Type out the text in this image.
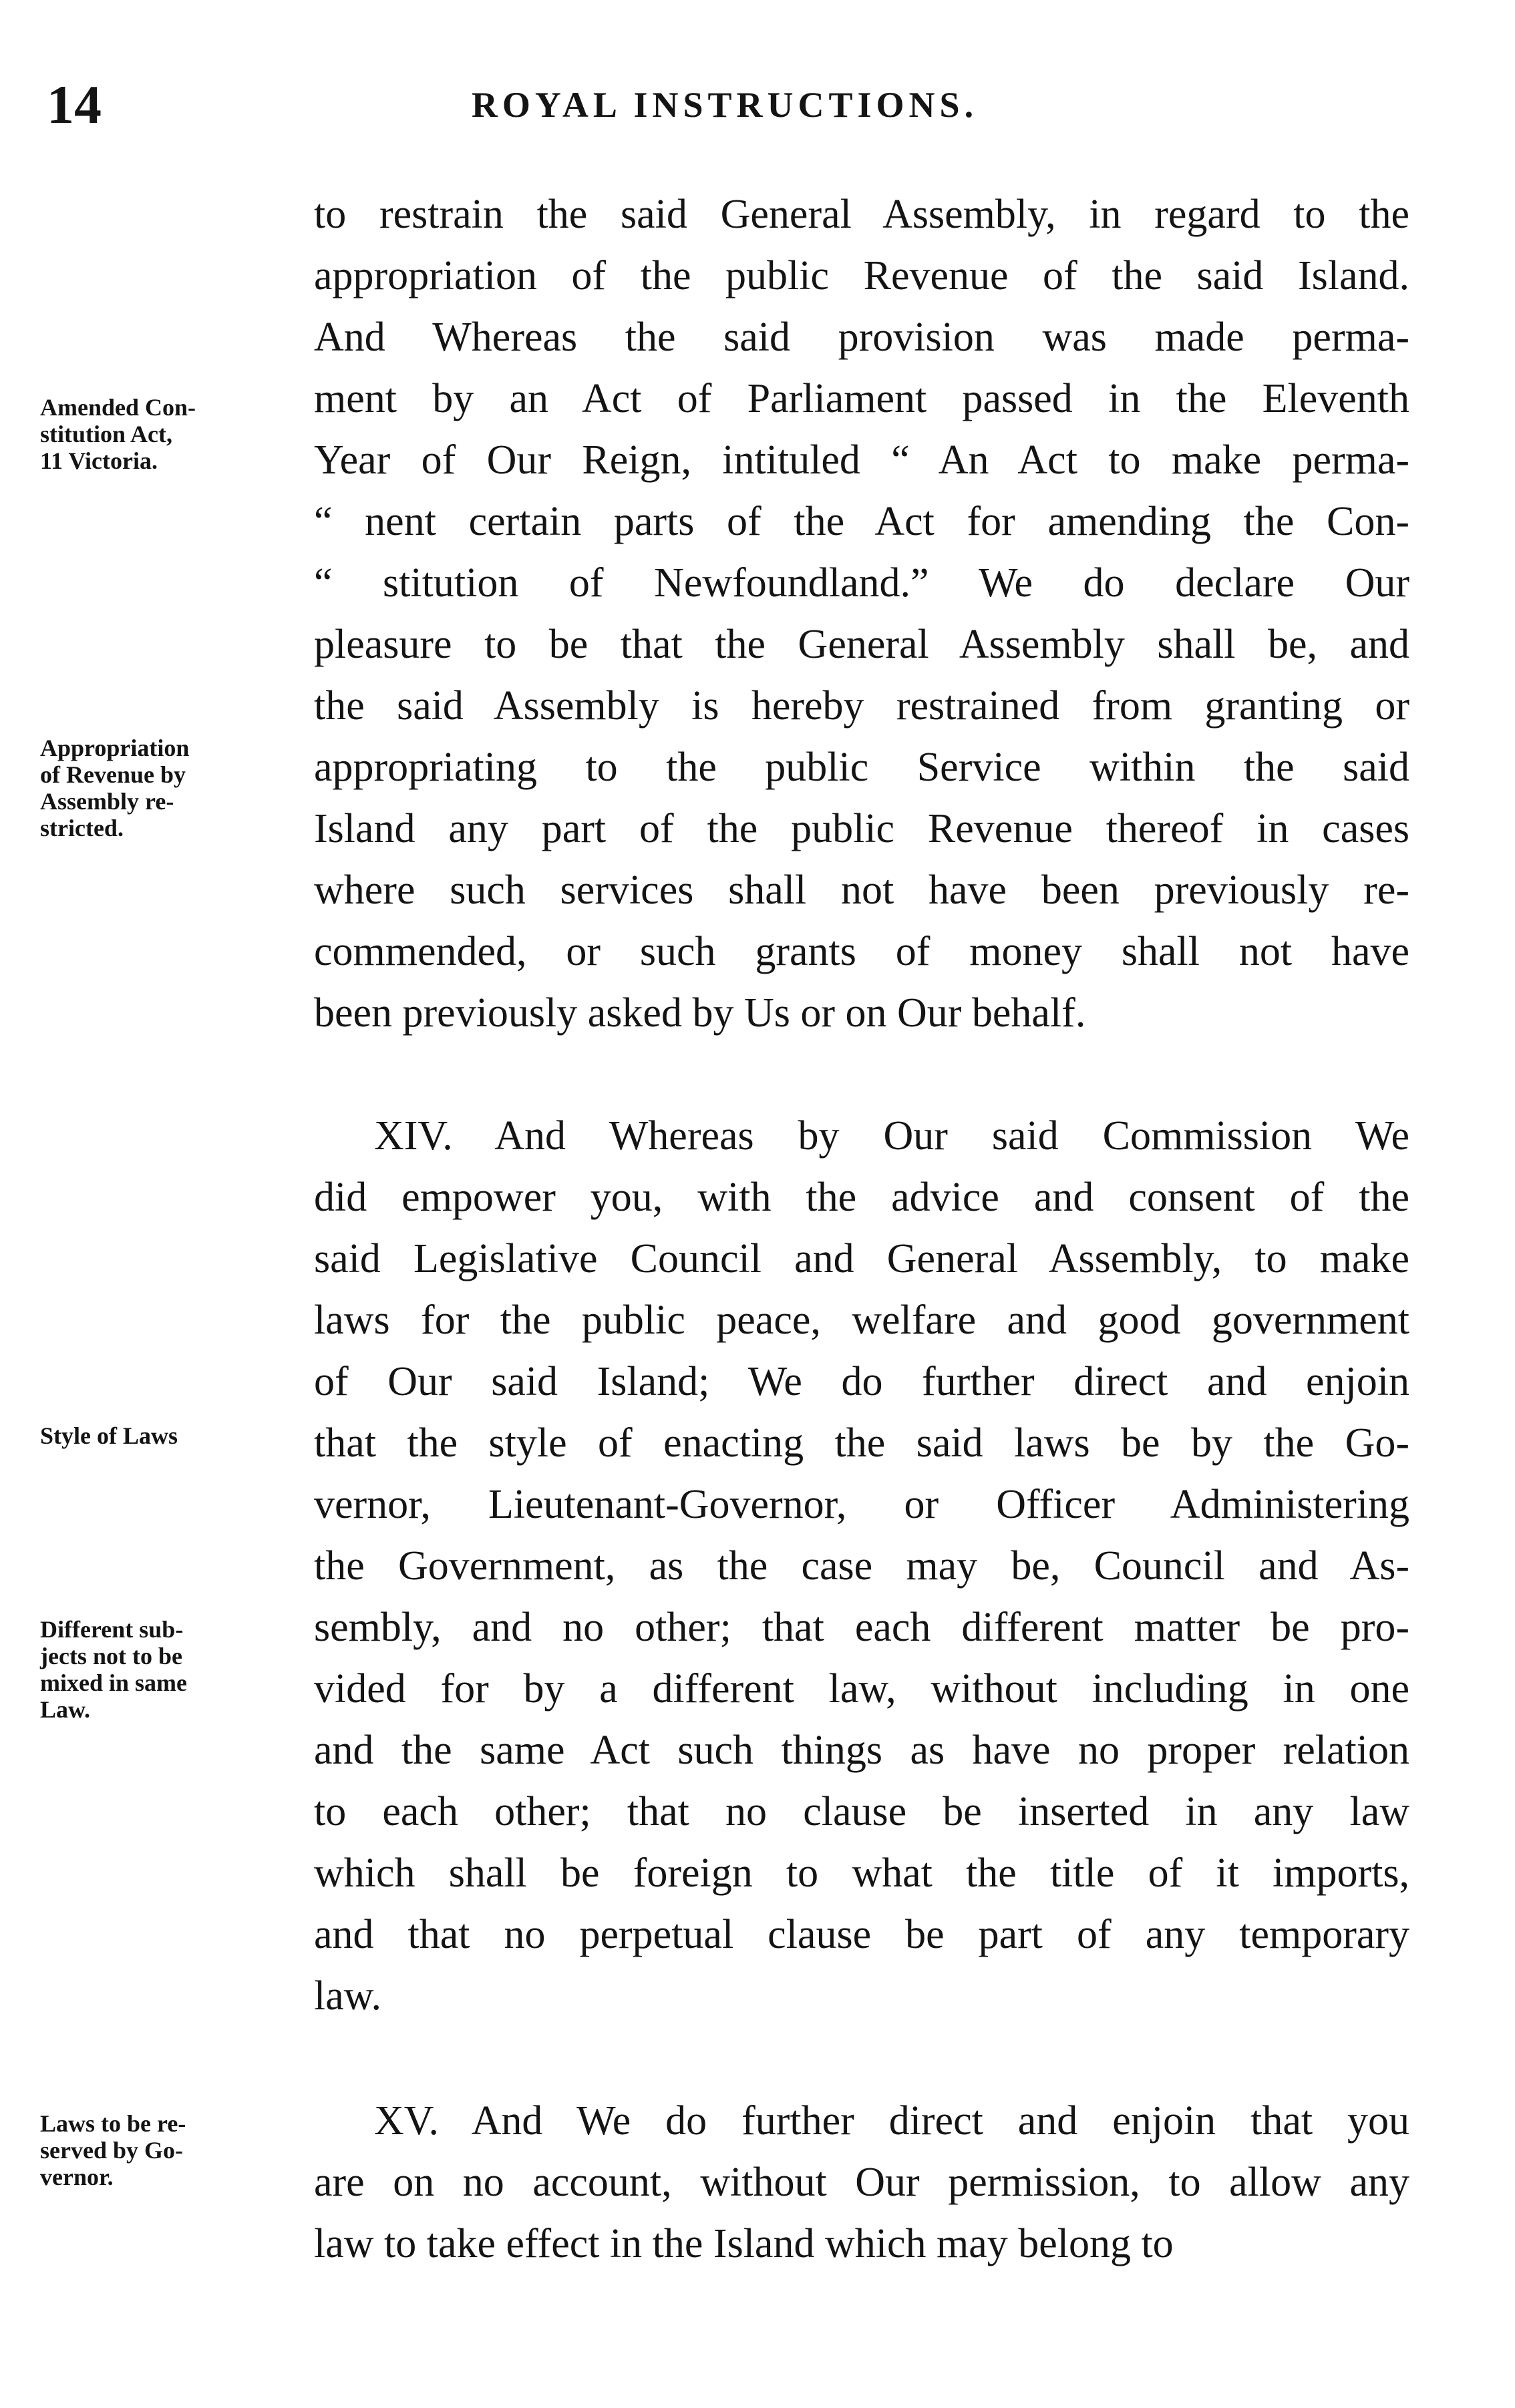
14	ROYAL INSTRUCTIONS.
to restrain the said General Assembly, in regard to the
appropriation of the public Revenue of the said Island.
And Whereas the said provision was made perma-
ment by an Act of Parliament passed in the Eleventh
Year of Our Reign, intituled “ An Act to make perma-
“ nent certain parts of the Act for amending the Con-
“ stitution of Newfoundland.” We do declare Our
pleasure to be that the General Assembly shall be, and
the said Assembly is hereby restrained from granting or
appropriating to the public Service within the said
Island any part of the public Revenue thereof in cases
where such services shall not have been previously re-
commended, or such grants of money shall not have
been previously asked by Us or on Our behalf.
XIV. And Whereas by Our said Commission We
did empower you, with the advice and consent of the
said Legislative Council and General Assembly, to make
laws for the public peace, welfare and good government
of Our said Island; We do further direct and enjoin
that the style of enacting the said laws be by the Go-
vernor, Lieutenant-Governor, or Officer Administering
the Government, as the case may be, Council and As-
sembly, and no other; that each different matter be pro-
vided for by a different law, without including in one
and the same Act such things as have no proper relation
to each other; that no clause be inserted in any law
which shall be foreign to what the title of it imports,
and that no perpetual clause be part of any temporary
law.
XV. And We do further direct and enjoin that you
are on no account, without Our permission, to allow any
law to take effect in the Island which may belong to
Amended Con-
stitution Act,
11 Victoria.
Appropriation
of Revenue by
Assembly re-
stricted.
Style of Laws
Different sub-
jects not to be
mixed in same
Law.
Laws to be re-
served by Go-
vernor.
